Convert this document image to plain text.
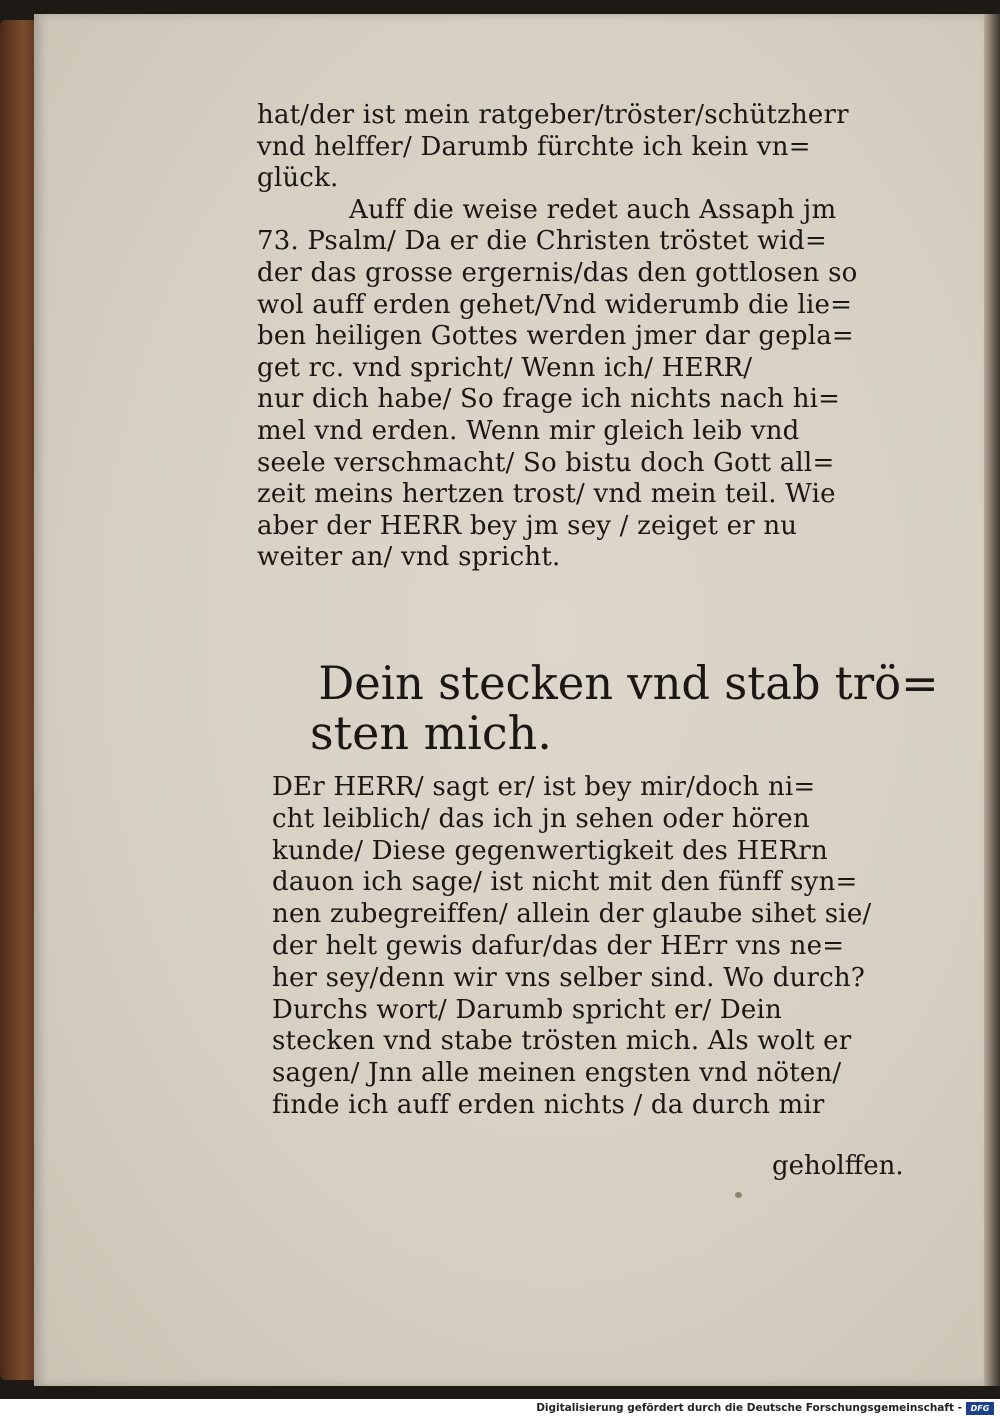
hat/der ist mein ratgeber/tröster/schützherr
vnd helffer/ Darumb fürchte ich kein vn=
glück.
Auff die weise redet auch Assaph jm
73. Psalm/ Da er die Christen tröstet wid=
der das grosse ergernis/das den gottlosen so
wol auff erden gehet/Vnd widerumb die lie=
ben heiligen Gottes werden jmer dar gepla=
get rc. vnd spricht/ Wenn ich/ HERR/
nur dich habe/ So frage ich nichts nach hi=
mel vnd erden. Wenn mir gleich leib vnd
seele verschmacht/ So bistu doch Gott all=
zeit meins hertzen trost/ vnd mein teil. Wie
aber der HERR bey jm sey / zeiget er nu
weiter an/ vnd spricht.
Dein stecken vnd stab trö=
sten mich.
DEr HERR/ sagt er/ ist bey mir/doch ni=
cht leiblich/ das ich jn sehen oder hören
kunde/ Diese gegenwertigkeit des HERrn
dauon ich sage/ ist nicht mit den fünff syn=
nen zubegreiffen/ allein der glaube sihet sie/
der helt gewis dafur/das der HErr vns ne=
her sey/denn wir vns selber sind. Wo durch?
Durchs wort/ Darumb spricht er/ Dein
stecken vnd stabe trösten mich. Als wolt er
sagen/ Jnn alle meinen engsten vnd nöten/
finde ich auff erden nichts / da durch mir
geholffen.
Digitalisierung gefördert durch die Deutsche Forschungsgemeinschaft -	DFG
